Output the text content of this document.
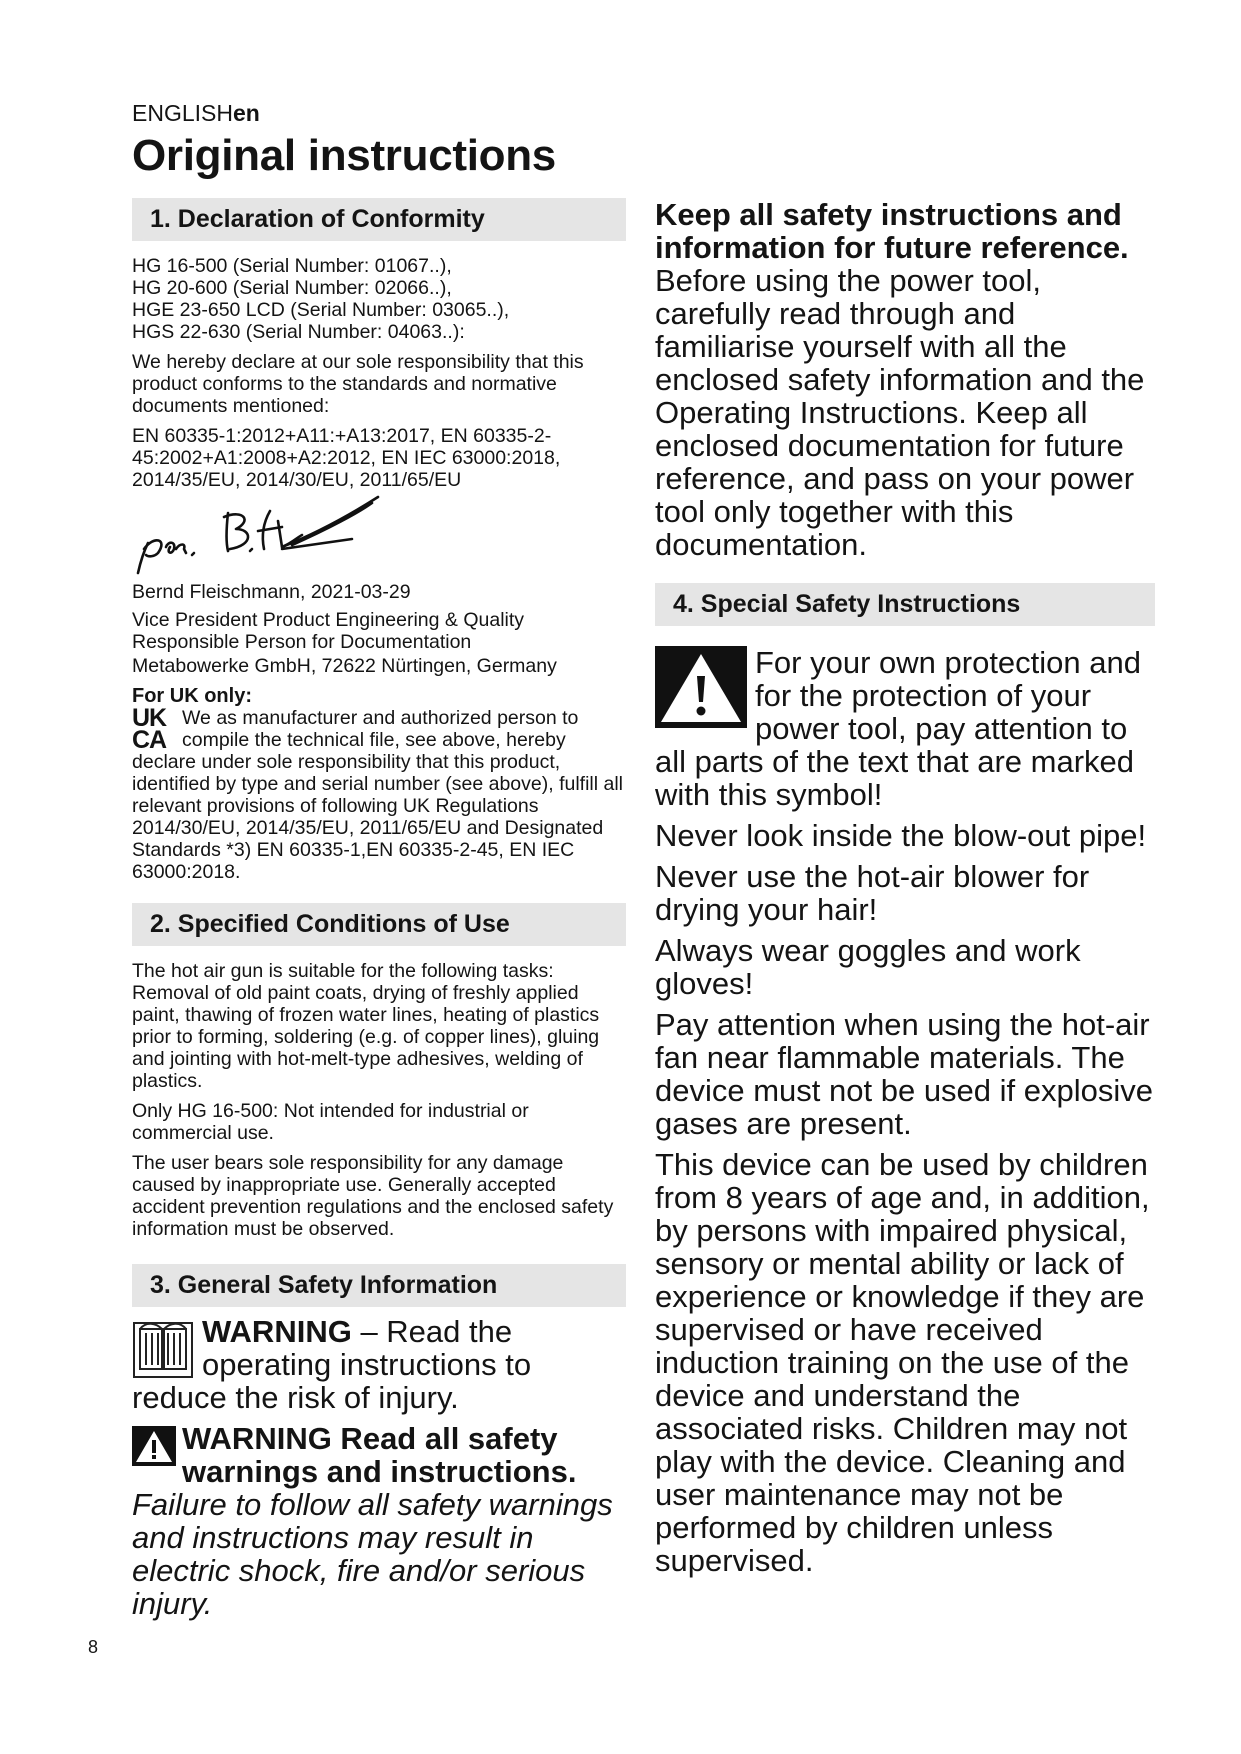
ENGLISHen
Original instructions
1. Declaration of Conformity

HG 16-500 (Serial Number: 01067..),

HG 20-600 (Serial Number: 02066..),

HGE 23-650 LCD (Serial Number: 03065..),

HGS 22-630 (Serial Number: 04063..):

We hereby declare at our sole responsibility that this product conforms to the standards and normative documents mentioned:

EN 60335-1:2012+A11:+A13:2017, EN 60335-2-45:2002+A1:2008+A2:2012, EN IEC 63000:2018, 2014/35/EU, 2014/30/EU, 2011/65/EU

Bernd Fleischmann, 2021-03-29

Vice President Product Engineering & Quality

Responsible Person for Documentation

Metabowerke GmbH, 72622 Nürtingen, Germany

For UK only:

UK
CA

We as manufacturer and authorized person to compile the technical file, see above, hereby declare under sole responsibility that this product, identified by type and serial number (see above), fulfill all relevant provisions of following UK Regulations 2014/30/EU, 2014/35/EU, 2011/65/EU and Designated Standards *3) EN 60335-1,EN 60335-2-45, EN IEC 63000:2018.

2. Specified Conditions of Use

The hot air gun is suitable for the following tasks: Removal of old paint coats, drying of freshly applied paint, thawing of frozen water lines, heating of plastics prior to forming, soldering (e.g. of copper lines), gluing and jointing with hot-melt-type adhesives, welding of plastics.

Only HG 16-500: Not intended for industrial or commercial use.

The user bears sole responsibility for any damage caused by inappropriate use. Generally accepted accident prevention regulations and the enclosed safety information must be observed.

3. General Safety Information

WARNING – Read the operating instructions to reduce the risk of injury.

WARNING Read all safety warnings and instructions.

Failure to follow all safety warnings and instructions may result in electric shock, fire and/or serious injury.

Keep all safety instructions and information for future reference.

Before using the power tool, carefully read through and familiarise yourself with all the enclosed safety information and the Operating Instructions. Keep all enclosed documentation for future reference, and pass on your power tool only together with this documentation.

4. Special Safety Instructions

For your own protection and for the protection of your power tool, pay attention to all parts of the text that are marked with this symbol!

Never look inside the blow-out pipe!

Never use the hot-air blower for drying your hair!

Always wear goggles and work gloves!

Pay attention when using the hot-air fan near flammable materials. The device must not be used if explosive gases are present.

This device can be used by children from 8 years of age and, in addition, by persons with impaired physical, sensory or mental ability or lack of experience or knowledge if they are supervised or have received induction training on the use of the device and understand the associated risks. Children may not play with the device. Cleaning and user maintenance may not be performed by children unless supervised.

8
